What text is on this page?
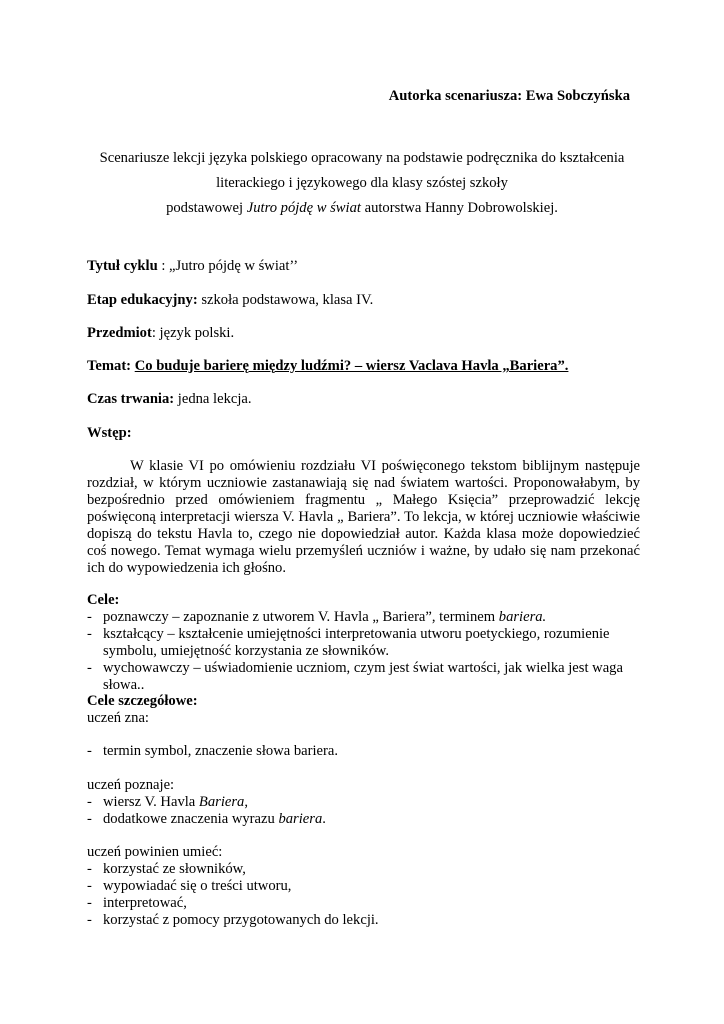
Autorka scenariusza: Ewa Sobczyńska
Scenariusze lekcji języka polskiego opracowany na podstawie podręcznika do kształcenia
literackiego i językowego dla klasy szóstej szkoły
podstawowej Jutro pójdę w świat autorstwa Hanny Dobrowolskiej.
Tytuł cyklu : „Jutro pójdę w świat’’
Etap edukacyjny: szkoła podstawowa, klasa IV.
Przedmiot: język polski.
Temat: Co buduje barierę między ludźmi? – wiersz Vaclava Havla „Bariera”.
Czas trwania: jedna lekcja.
Wstęp:
W klasie VI po omówieniu rozdziału VI poświęconego tekstom biblijnym następuje rozdział, w którym uczniowie zastanawiają się nad światem wartości. Proponowałabym, by bezpośrednio przed omówieniem fragmentu „ Małego Księcia” przeprowadzić lekcję poświęconą interpretacji wiersza V. Havla „ Bariera”. To lekcja, w której uczniowie właściwie dopiszą do tekstu Havla to, czego nie dopowiedział autor. Każda klasa może dopowiedzieć coś nowego. Temat wymaga wielu przemyśleń uczniów i ważne, by udało się nam przekonać ich do wypowiedzenia ich głośno.
Cele:
- poznawczy – zapoznanie z utworem V. Havla „ Bariera”, terminem bariera.
- kształcący – kształcenie umiejętności interpretowania utworu poetyckiego, rozumienie symbolu, umiejętność korzystania ze słowników.
- wychowawczy – uświadomienie uczniom, czym jest świat wartości, jak wielka jest waga słowa..
Cele szczegółowe:
uczeń zna:
- termin symbol, znaczenie słowa bariera.
uczeń poznaje:
- wiersz V. Havla Bariera,
- dodatkowe znaczenia wyrazu bariera.
uczeń powinien umieć:
- korzystać ze słowników,
- wypowiadać się o treści utworu,
- interpretować,
- korzystać z pomocy przygotowanych do lekcji.
